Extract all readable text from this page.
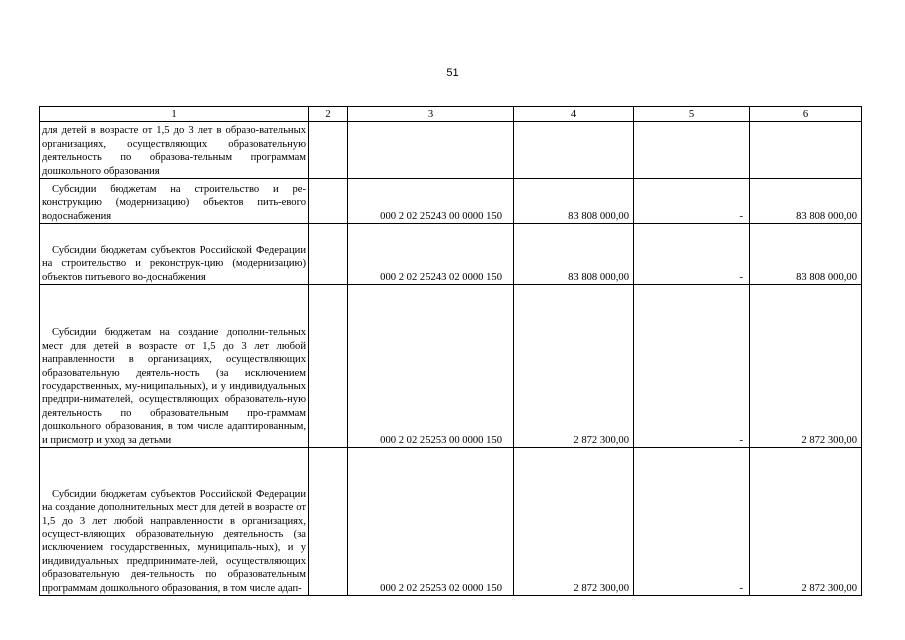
51
1	2	3	4	5	6
для детей в возрасте от 1,5 до 3 лет в образо-вательных организациях, осуществляющих образовательную деятельность по образова-тельным программам дошкольного образования					
Субсидии бюджетам на строительство и ре-конструкцию (модернизацию) объектов пить-евого водоснабжения		000 2 02 25243 00 0000 150	83 808 000,00	-	83 808 000,00
Субсидии бюджетам субъектов Российской Федерации на строительство и реконструк-цию (модернизацию) объектов питьевого во-доснабжения		000 2 02 25243 02 0000 150	83 808 000,00	-	83 808 000,00
Субсидии бюджетам на создание дополни-тельных мест для детей в возрасте от 1,5 до 3 лет любой направленности в организациях, осуществляющих образовательную деятель-ность (за исключением государственных, му-ниципальных), и у индивидуальных предпри-нимателей, осуществляющих образователь-ную деятельность по образовательным про-граммам дошкольного образования, в том числе адаптированным, и присмотр и уход за детьми		000 2 02 25253 00 0000 150	2 872 300,00	-	2 872 300,00
Субсидии бюджетам субъектов Российской Федерации на создание дополнительных мест для детей в возрасте от 1,5 до 3 лет любой направленности в организациях, осущест-вляющих образовательную деятельность (за исключением государственных, муниципаль-ных), и у индивидуальных предпринимате-лей, осуществляющих образовательную дея-тельность по образовательным программам дошкольного образования, в том числе адап-		000 2 02 25253 02 0000 150	2 872 300,00	-	2 872 300,00
